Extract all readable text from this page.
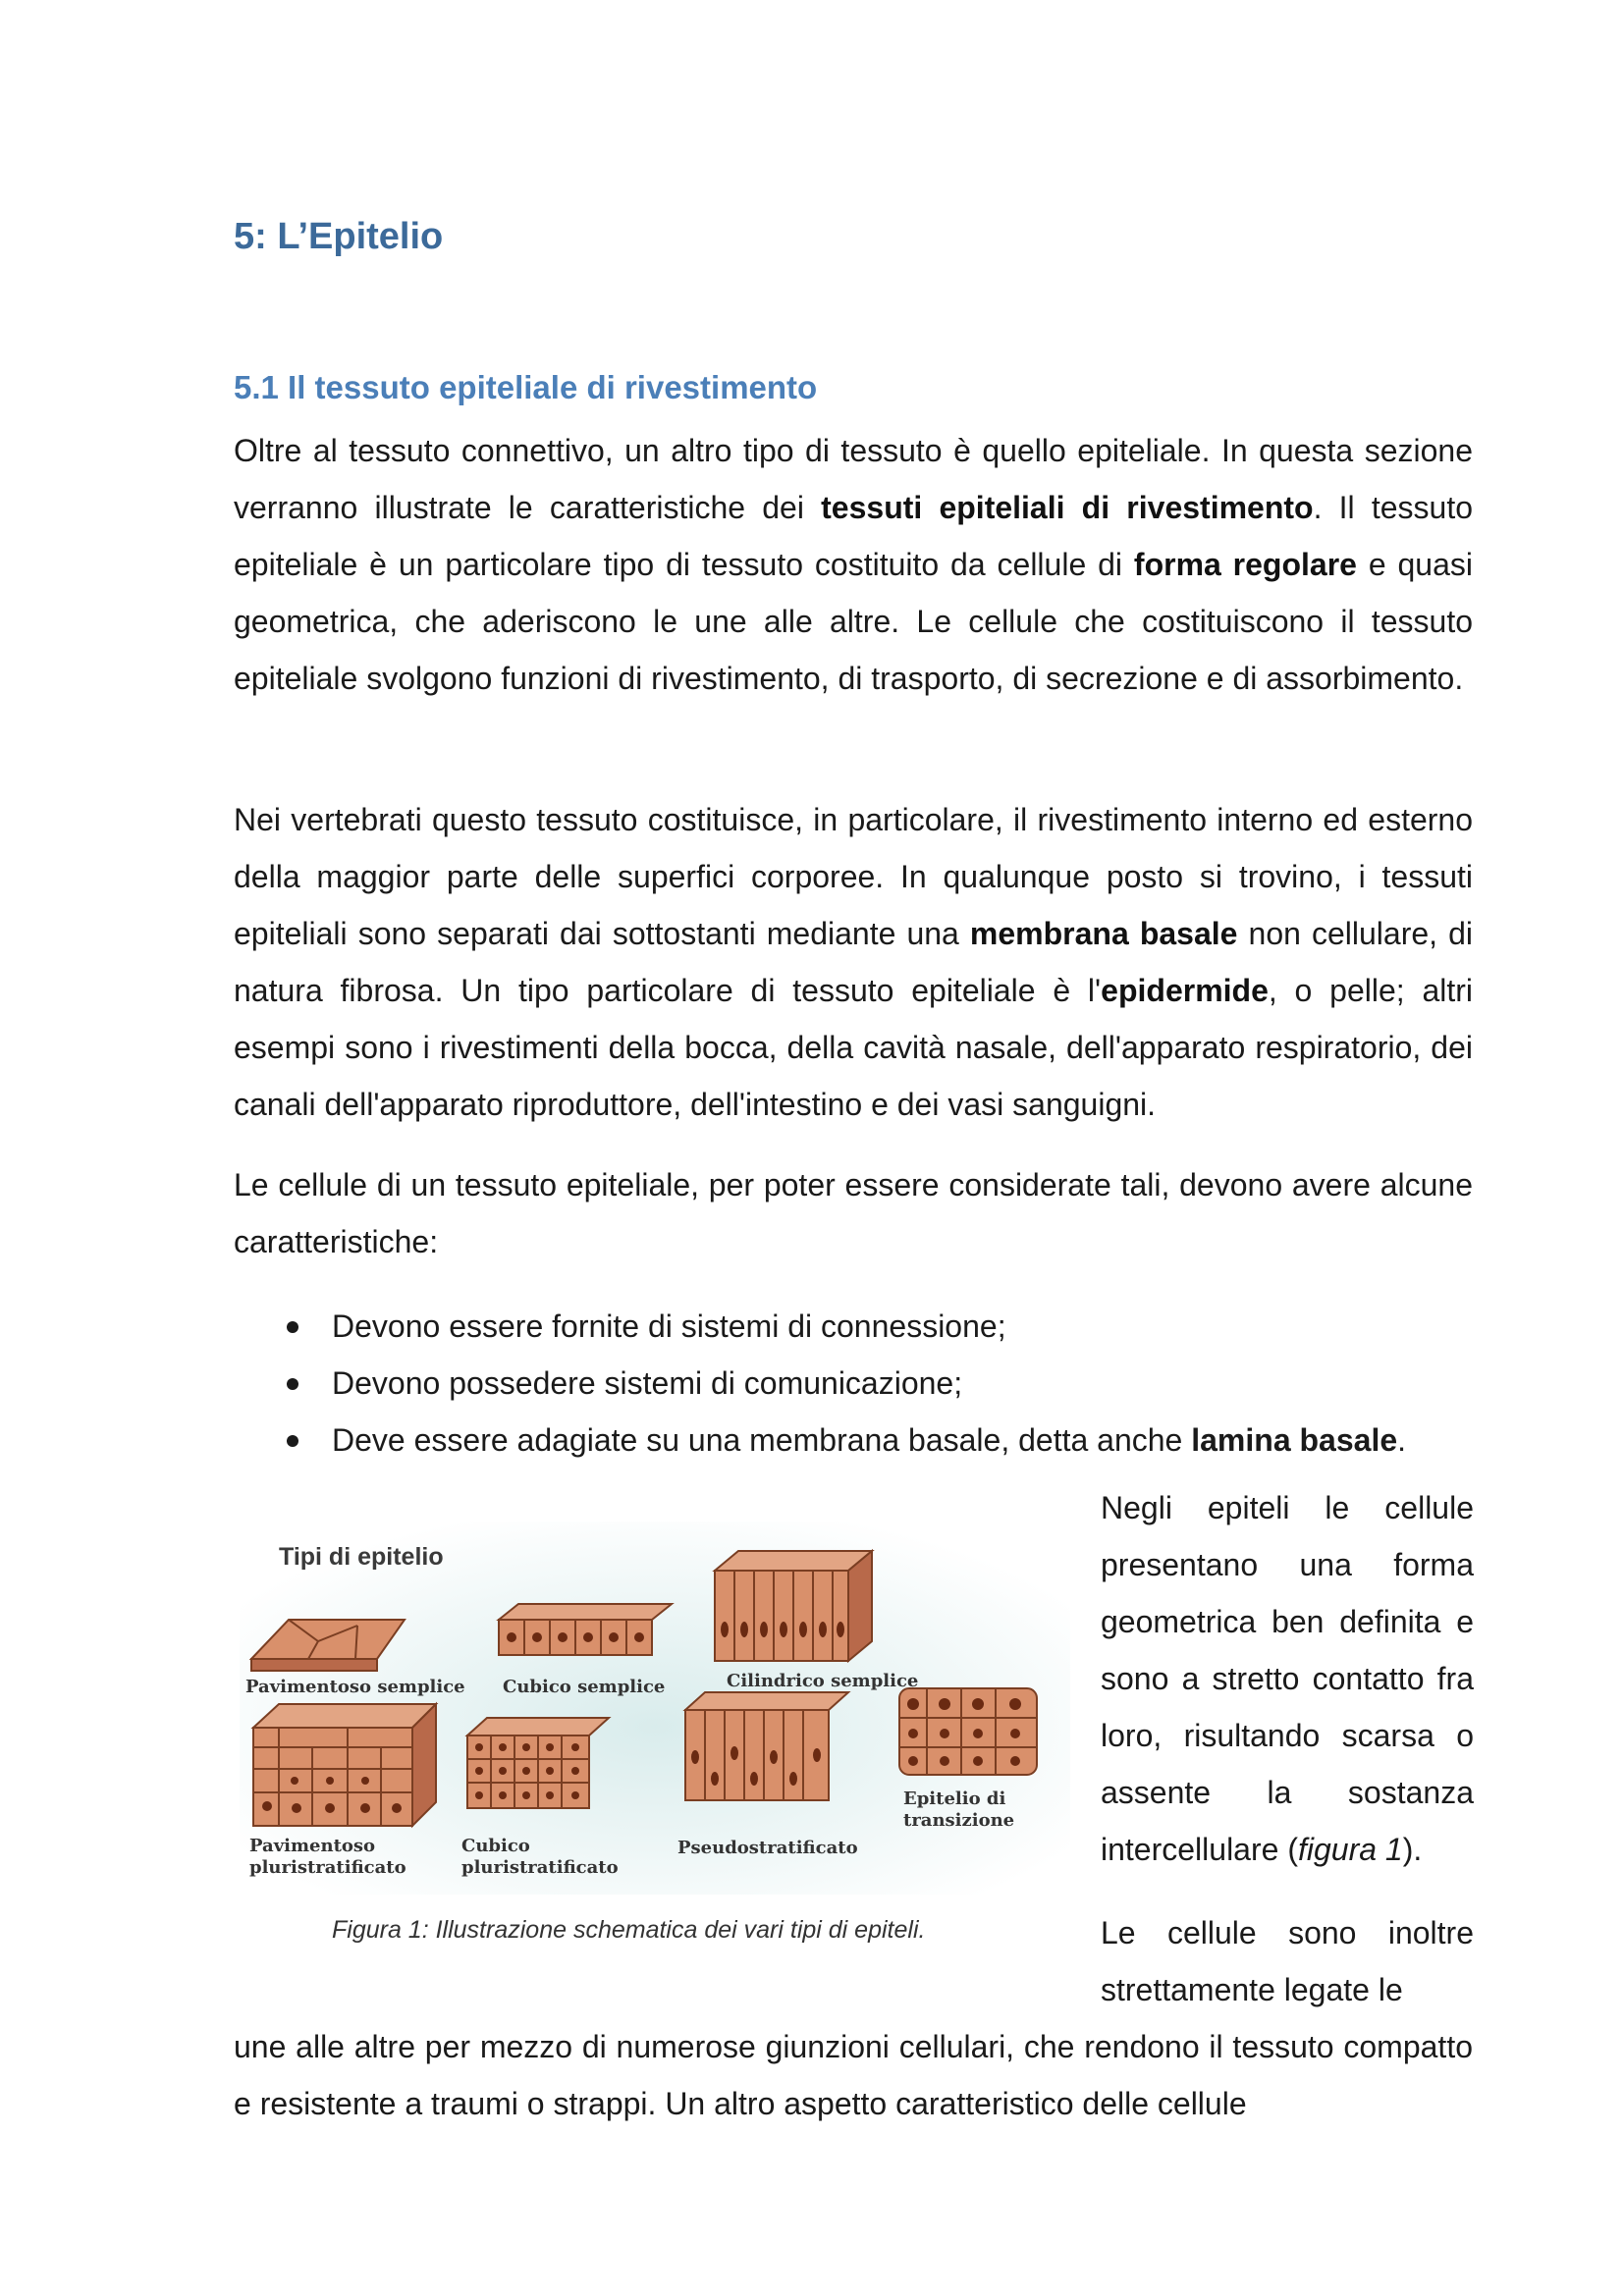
5: L’Epitelio
5.1 Il tessuto epiteliale di rivestimento

Oltre al tessuto connettivo, un altro tipo di tessuto è quello epiteliale. In questa sezione verranno illustrate le caratteristiche dei tessuti epiteliali di rivestimento. Il tessuto epiteliale è un particolare tipo di tessuto costituito da cellule di forma regolare e quasi geometrica, che aderiscono le une alle altre. Le cellule che costituiscono il tessuto epiteliale svolgono funzioni di rivestimento, di trasporto, di secrezione e di assorbimento.

Nei vertebrati questo tessuto costituisce, in particolare, il rivestimento interno ed esterno della maggior parte delle superfici corporee. In qualunque posto si trovino, i tessuti epiteliali sono separati dai sottostanti mediante una membrana basale non cellulare, di natura fibrosa. Un tipo particolare di tessuto epiteliale è l'epidermide, o pelle; altri esempi sono i rivestimenti della bocca, della cavità nasale, dell'apparato respiratorio, dei canali dell'apparato riproduttore, dell'intestino e dei vasi sanguigni.

Le cellule di un tessuto epiteliale, per poter essere considerate tali, devono avere alcune caratteristiche:

Devono essere fornite di sistemi di connessione;
Devono possedere sistemi di comunicazione;
Deve essere adagiate su una membrana basale, detta anche lamina basale.

Negli epiteli le cellule presentano una forma geometrica ben definita e sono a stretto contatto fra loro, risultando scarsa o assente la sostanza intercellulare (figura 1).

Tipi di epitelio
Pavimentoso semplice Cubico semplice	Cilindrico semplice
Epitelio di
transizione
Pavimentoso
pluristratificato
Cubico
pluristratificato
Pseudostratificato
Figura 1: Illustrazione schematica dei vari tipi di epiteli.	Le cellule sono inoltre strettamente legate le

une alle altre per mezzo di numerose giunzioni cellulari, che rendono il tessuto compatto e resistente a traumi o strappi. Un altro aspetto caratteristico delle cellule
